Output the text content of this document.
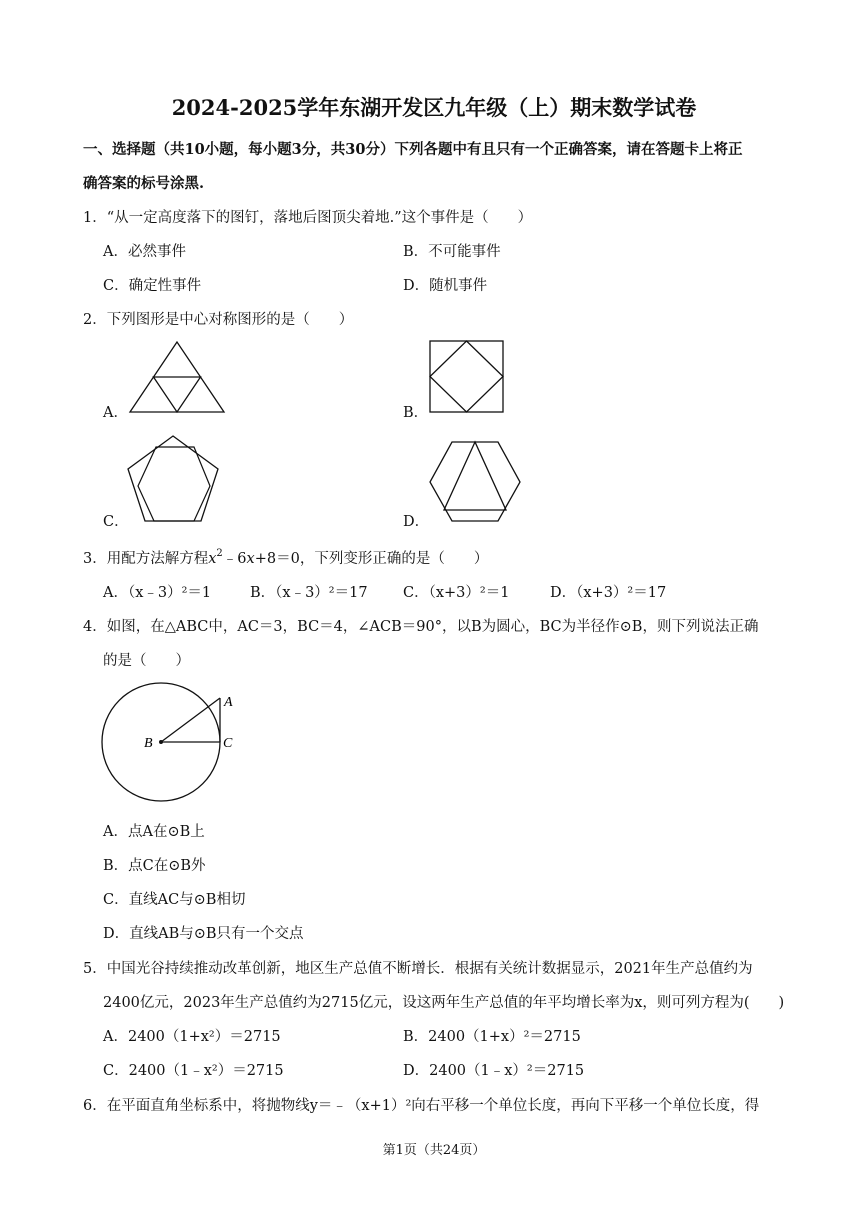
2024-2025学年东湖开发区九年级（上）期末数学试卷
一、选择题（共10小题，每小题3分，共30分）下列各题中有且只有一个正确答案，请在答题卡上将正
确答案的标号涂黑.
1．“从一定高度落下的图钉，落地后图顶尖着地.”这个事件是（　　）
A．必然事件	B．不可能事件
C．确定性事件	D．随机事件
2．下列图形是中心对称图形的是（　　）
A．	B．
C．	D．
3．用配方法解方程$x^2﹣6x+8=0$，下列变形正确的是（　　）
A．（x﹣3）²＝1	B．（x﹣3）²＝17 C．（x+3）²＝1	D．（x+3）²＝17
4．如图，在△ABC中，AC＝3，BC＝4，∠ACB＝90°，以B为圆心，BC为半径作⊙B，则下列说法正确
的是（　　）
A
B	C
A．点A在⊙B上
B．点C在⊙B外
C．直线AC与⊙B相切
D．直线AB与⊙B只有一个交点
5．中国光谷持续推动改革创新，地区生产总值不断增长．根据有关统计数据显示，2021年生产总值约为
2400亿元，2023年生产总值约为2715亿元，设这两年生产总值的年平均增长率为x，则可列方程为(　　)
A．2400（1+x²）＝2715	B．2400（1+x）²＝2715
C．2400（1﹣x²）＝2715	D．2400（1﹣x）²＝2715
6．在平面直角坐标系中，将抛物线y＝﹣（x+1）²向右平移一个单位长度，再向下平移一个单位长度，得
第1页（共24页）
